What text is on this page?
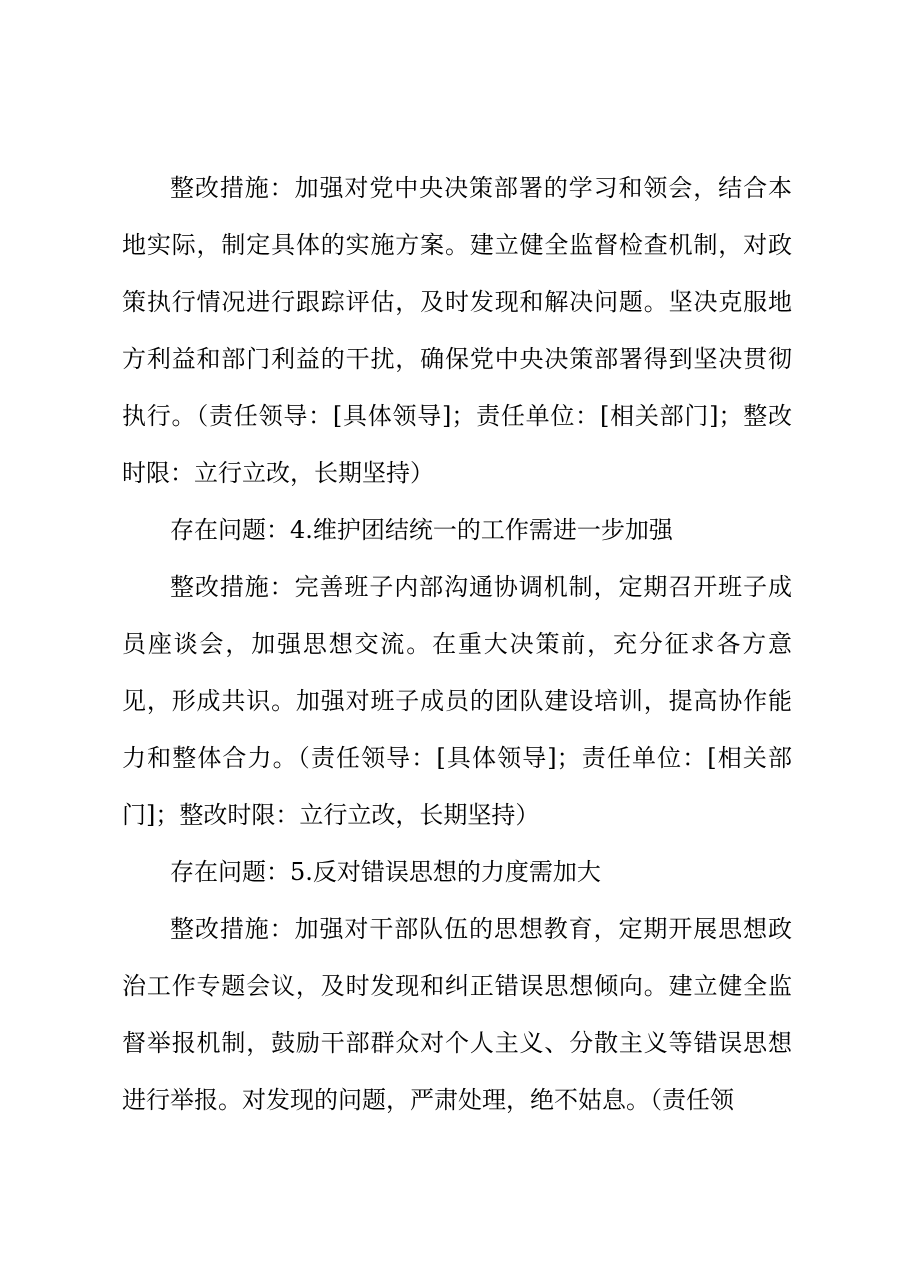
整改措施：加强对党中央决策部署的学习和领会，结合本地实际，制定具体的实施方案。建立健全监督检查机制，对政策执行情况进行跟踪评估，及时发现和解决问题。坚决克服地方利益和部门利益的干扰，确保党中央决策部署得到坚决贯彻执行。（责任领导：[具体领导]；责任单位：[相关部门]；整改时限：立行立改，长期坚持）

存在问题：4.维护团结统一的工作需进一步加强

整改措施：完善班子内部沟通协调机制，定期召开班子成员座谈会，加强思想交流。在重大决策前，充分征求各方意见，形成共识。加强对班子成员的团队建设培训，提高协作能力和整体合力。（责任领导：[具体领导]；责任单位：[相关部门]；整改时限：立行立改，长期坚持）

存在问题：5.反对错误思想的力度需加大

整改措施：加强对干部队伍的思想教育，定期开展思想政治工作专题会议，及时发现和纠正错误思想倾向。建立健全监督举报机制，鼓励干部群众对个人主义、分散主义等错误思想进行举报。对发现的问题，严肃处理，绝不姑息。（责任领
